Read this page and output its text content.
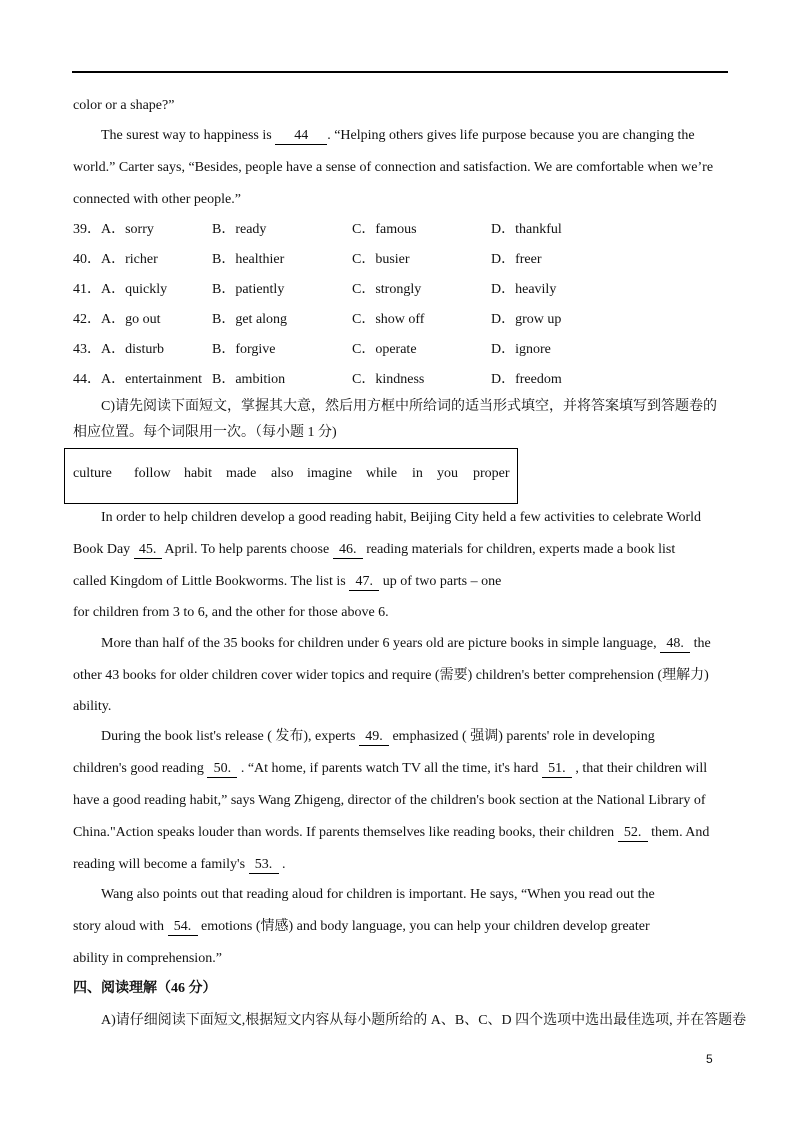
color or a shape?”
The surest way to happiness is 44 . “Helping others gives life purpose because you are changing the
world.” Carter says, “Besides, people have a sense of connection and satisfaction. We are comfortable when we’re
connected with other people.”
39． A．sorry	B．ready	C．famous	D．thankful
40． A．richer	B．healthier	C．busier	D．freer
41． A．quickly	B．patiently	C．strongly	D．heavily
42． A．go out	B．get along	C．show off	D．grow up
43． A．disturb	B．forgive	C．operate	D．ignore
44． A．entertainment B．ambition	C．kindness	D．freedom
C)请先阅读下面短文，掌握其大意，然后用方框中所给词的适当形式填空，并将答案填写到答题卷的
相应位置。每个词限用一次。（每小题 1 分)
culture follow habit made also imagine while in you proper
In order to help children develop a good reading habit, Beijing City held a few activities to celebrate World
Book Day 45. April. To help parents choose 46. reading materials for children, experts made a book list
called Kingdom of Little Bookworms. The list is 47. up of two parts – one
for children from 3 to 6, and the other for those above 6.
More than half of the 35 books for children under 6 years old are picture books in simple language, 48. the
other 43 books for older children cover wider topics and require (需要) children's better comprehension (理解力)
ability.
During the book list's release ( 发布), experts 49. emphasized ( 强调) parents' role in developing
children's good reading 50. . “At home, if parents watch TV all the time, it's hard 51. , that their children will
have a good reading habit,” says Wang Zhigeng, director of the children's book section at the National Library of
China."Action speaks louder than words. If parents themselves like reading books, their children 52. them. And
reading will become a family's 53. .
Wang also points out that reading aloud for children is important. He says, “When you read out the
story aloud with 54. emotions (情感) and body language, you can help your children develop greater
ability in comprehension.”
四、阅读理解（46 分）
A)请仔细阅读下面短文,根据短文内容从每小题所给的 A、B、C、D 四个选项中选出最佳选项, 并在答题卷
5
